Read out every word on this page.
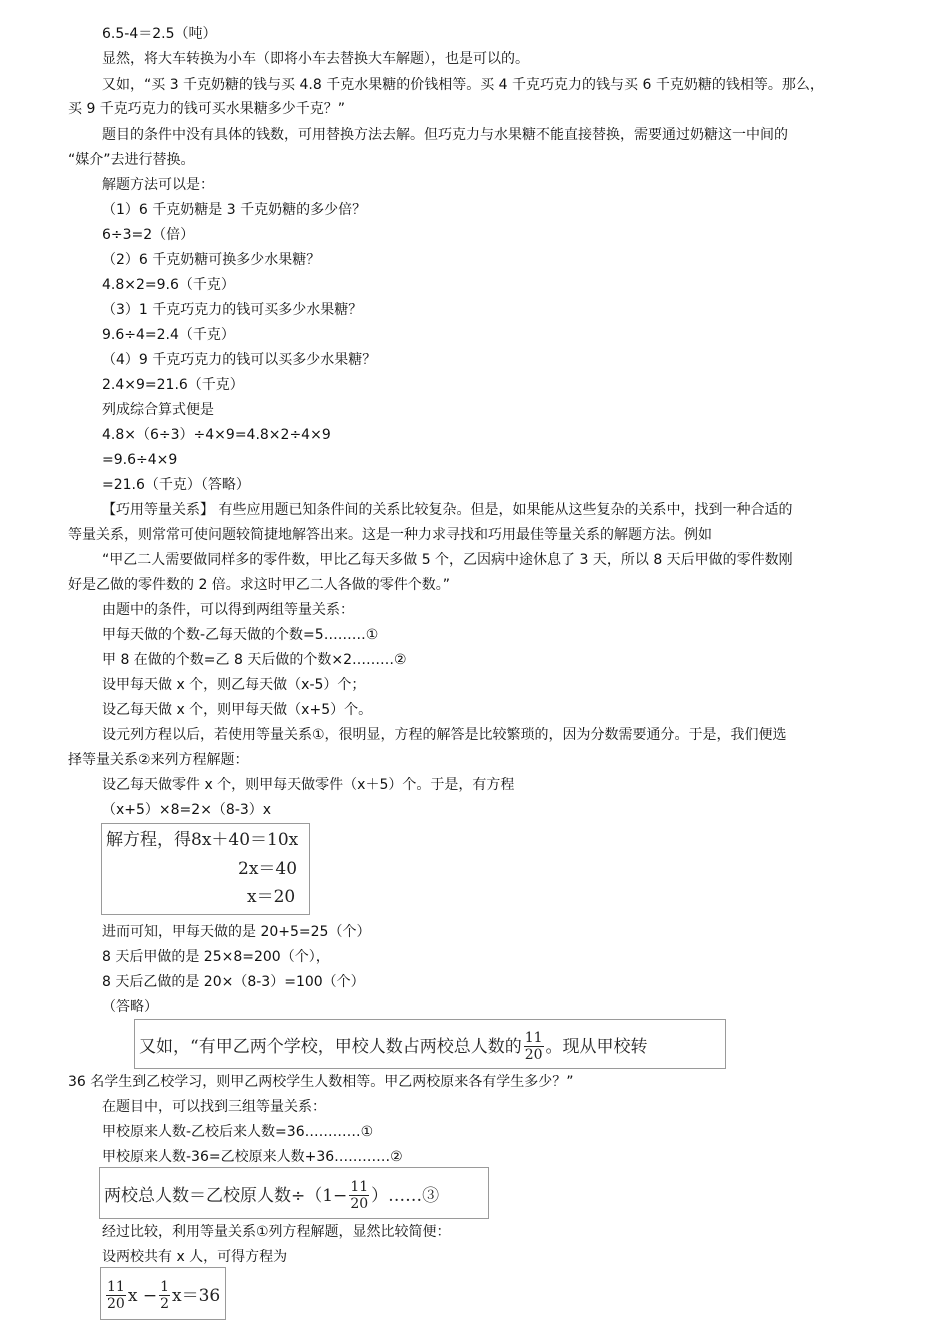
6.5-4＝2.5（吨）
显然，将大车转换为小车（即将小车去替换大车解题），也是可以的。
又如，“买 3 千克奶糖的钱与买 4.8 千克水果糖的价钱相等。买 4 千克巧克力的钱与买 6 千克奶糖的钱相等。那么，
买 9 千克巧克力的钱可买水果糖多少千克？”
题目的条件中没有具体的钱数，可用替换方法去解。但巧克力与水果糖不能直接替换，需要通过奶糖这一中间的
“媒介”去进行替换。
解题方法可以是：
（1）6 千克奶糖是 3 千克奶糖的多少倍？
6÷3=2（倍）
（2）6 千克奶糖可换多少水果糖？
4.8×2=9.6（千克）
（3）1 千克巧克力的钱可买多少水果糖？
9.6÷4=2.4（千克）
（4）9 千克巧克力的钱可以买多少水果糖？
2.4×9=21.6（千克）
列成综合算式便是
4.8×（6÷3）÷4×9=4.8×2÷4×9
=9.6÷4×9
=21.6（千克）（答略）
【巧用等量关系】 有些应用题已知条件间的关系比较复杂。但是，如果能从这些复杂的关系中，找到一种合适的
等量关系，则常常可使问题较简捷地解答出来。这是一种力求寻找和巧用最佳等量关系的解题方法。例如
“甲乙二人需要做同样多的零件数，甲比乙每天多做 5 个，乙因病中途休息了 3 天，所以 8 天后甲做的零件数刚
好是乙做的零件数的 2 倍。求这时甲乙二人各做的零件个数。”
由题中的条件，可以得到两组等量关系：
甲每天做的个数-乙每天做的个数=5………①
甲 8 在做的个数=乙 8 天后做的个数×2………②
设甲每天做 x 个，则乙每天做（x-5）个；
设乙每天做 x 个，则甲每天做（x+5）个。
设元列方程以后，若使用等量关系①，很明显，方程的解答是比较繁琐的，因为分数需要通分。于是，我们便选
择等量关系②来列方程解题：
设乙每天做零件 x 个，则甲每天做零件（x＋5）个。于是，有方程
（x+5）×8=2×（8-3）x
解方程，得8x＋40＝10x
2x＝40
x＝20
进而可知，甲每天做的是 20+5=25（个）
8 天后甲做的是 25×8=200（个），
8 天后乙做的是 20×（8-3）=100（个）
（答略）
又如，“有甲乙两个学校，甲校人数占两校总人数的 $\frac{11}{20}$ 。现从甲校转
36 名学生到乙校学习，则甲乙两校学生人数相等。甲乙两校原来各有学生多少？”
在题目中，可以找到三组等量关系：
甲校原来人数-乙校后来人数=36…………①
甲校原来人数-36=乙校原来人数+36…………②
两校总人数＝乙校原人数$\div(1- \frac{11}{20}$ ）……③
经过比较，利用等量关系①列方程解题，显然比较简便：
设两校共有 x 人，可得方程为
$\frac{11}{20}$ $x - \frac{1}{2} x=36$
